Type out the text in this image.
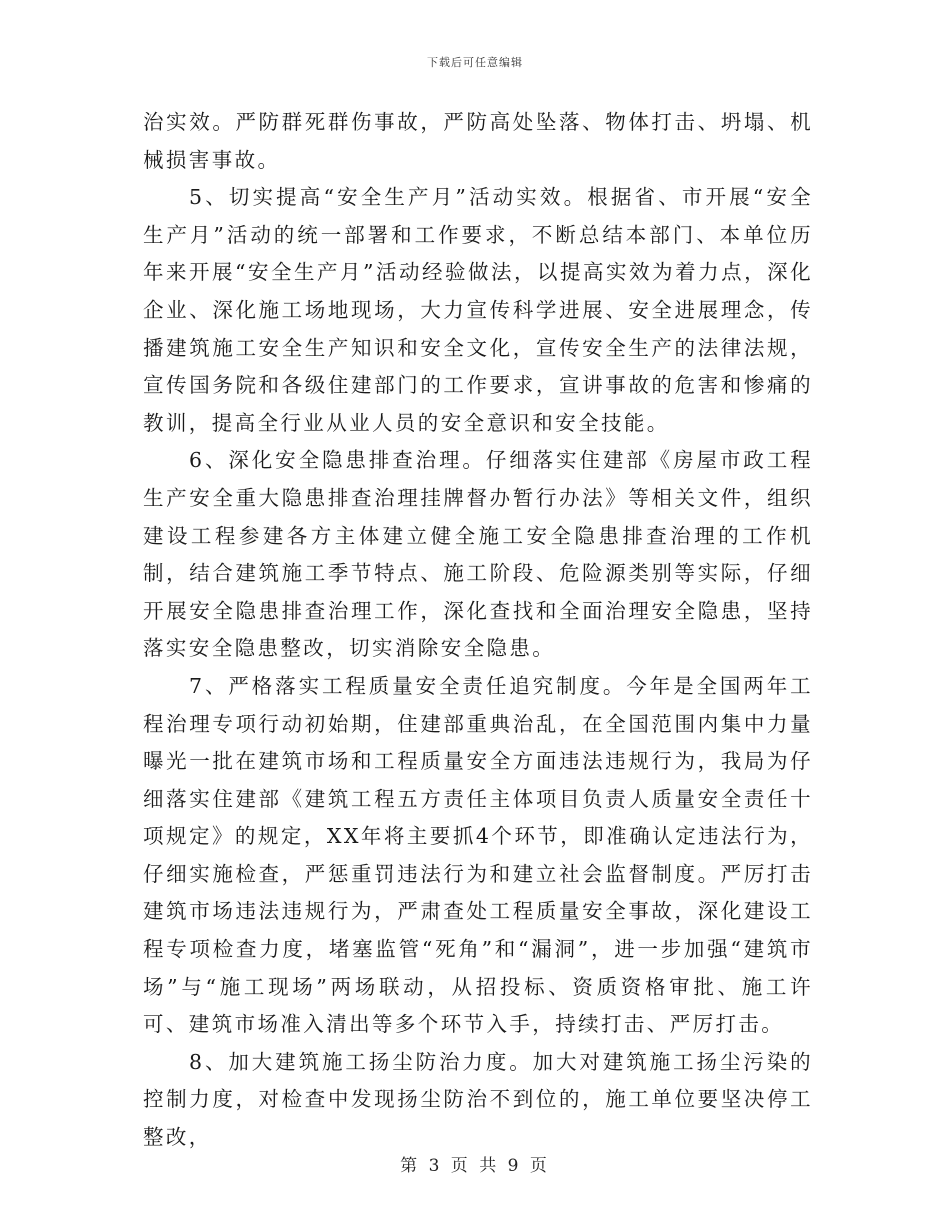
下载后可任意编辑

治实效。严防群死群伤事故，严防高处坠落、物体打击、坍塌、机械损害事故。

5、切实提高“安全生产月”活动实效。根据省、市开展“安全生产月”活动的统一部署和工作要求，不断总结本部门、本单位历年来开展“安全生产月”活动经验做法，以提高实效为着力点，深化企业、深化施工场地现场，大力宣传科学进展、安全进展理念，传播建筑施工安全生产知识和安全文化，宣传安全生产的法律法规，宣传国务院和各级住建部门的工作要求，宣讲事故的危害和惨痛的教训，提高全行业从业人员的安全意识和安全技能。

6、深化安全隐患排查治理。仔细落实住建部《房屋市政工程生产安全重大隐患排查治理挂牌督办暂行办法》等相关文件，组织建设工程参建各方主体建立健全施工安全隐患排查治理的工作机制，结合建筑施工季节特点、施工阶段、危险源类别等实际，仔细开展安全隐患排查治理工作，深化查找和全面治理安全隐患，坚持落实安全隐患整改，切实消除安全隐患。

7、严格落实工程质量安全责任追究制度。今年是全国两年工程治理专项行动初始期，住建部重典治乱，在全国范围内集中力量曝光一批在建筑市场和工程质量安全方面违法违规行为，我局为仔细落实住建部《建筑工程五方责任主体项目负责人质量安全责任十项规定》的规定，XX年将主要抓4个环节，即准确认定违法行为，仔细实施检查，严惩重罚违法行为和建立社会监督制度。严厉打击建筑市场违法违规行为，严肃查处工程质量安全事故，深化建设工程专项检查力度，堵塞监管“死角”和“漏洞”，进一步加强“建筑市场”与“施工现场”两场联动，从招投标、资质资格审批、施工许可、建筑市场准入清出等多个环节入手，持续打击、严厉打击。

8、加大建筑施工扬尘防治力度。加大对建筑施工扬尘污染的控制力度，对检查中发现扬尘防治不到位的，施工单位要坚决停工整改，

第 3 页 共 9 页
